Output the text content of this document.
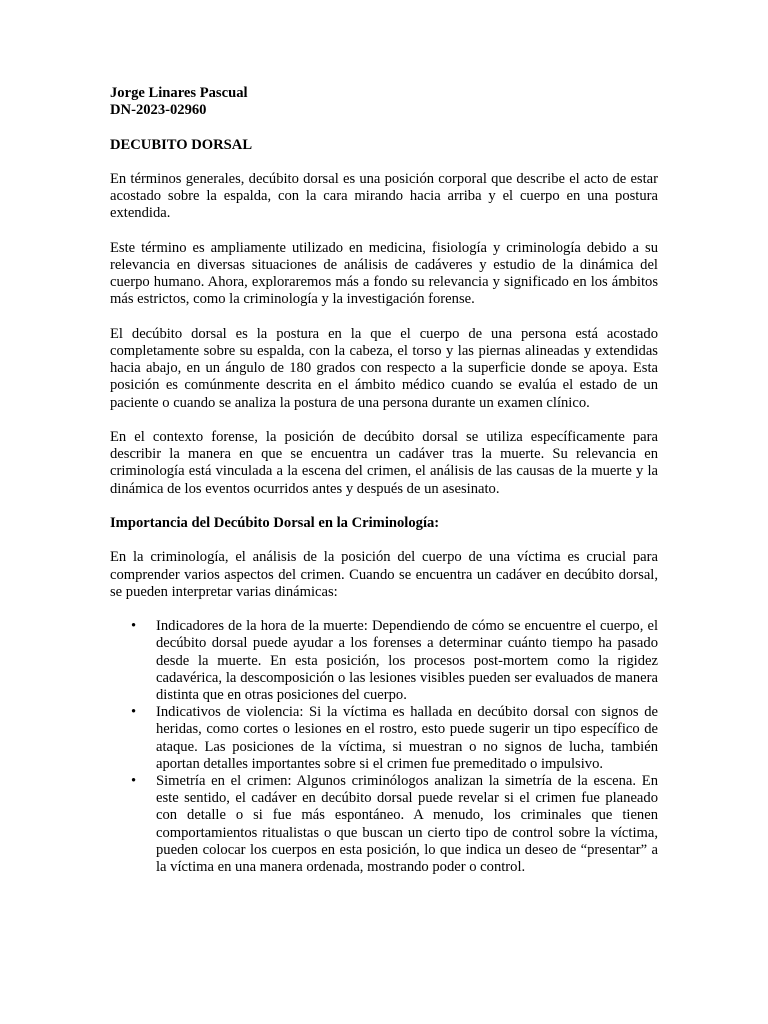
Jorge Linares Pascual

DN-2023-02960

DECUBITO DORSAL

En términos generales, decúbito dorsal es una posición corporal que describe el acto de estar acostado sobre la espalda, con la cara mirando hacia arriba y el cuerpo en una postura extendida.

Este término es ampliamente utilizado en medicina, fisiología y criminología debido a su relevancia en diversas situaciones de análisis de cadáveres y estudio de la dinámica del cuerpo humano. Ahora, exploraremos más a fondo su relevancia y significado en los ámbitos más estrictos, como la criminología y la investigación forense.

El decúbito dorsal es la postura en la que el cuerpo de una persona está acostado completamente sobre su espalda, con la cabeza, el torso y las piernas alineadas y extendidas hacia abajo, en un ángulo de 180 grados con respecto a la superficie donde se apoya. Esta posición es comúnmente descrita en el ámbito médico cuando se evalúa el estado de un paciente o cuando se analiza la postura de una persona durante un examen clínico.

En el contexto forense, la posición de decúbito dorsal se utiliza específicamente para describir la manera en que se encuentra un cadáver tras la muerte. Su relevancia en criminología está vinculada a la escena del crimen, el análisis de las causas de la muerte y la dinámica de los eventos ocurridos antes y después de un asesinato.

Importancia del Decúbito Dorsal en la Criminología:

En la criminología, el análisis de la posición del cuerpo de una víctima es crucial para comprender varios aspectos del crimen. Cuando se encuentra un cadáver en decúbito dorsal, se pueden interpretar varias dinámicas:

• Indicadores de la hora de la muerte: Dependiendo de cómo se encuentre el cuerpo, el decúbito dorsal puede ayudar a los forenses a determinar cuánto tiempo ha pasado desde la muerte. En esta posición, los procesos post-mortem como la rigidez cadavérica, la descomposición o las lesiones visibles pueden ser evaluados de manera distinta que en otras posiciones del cuerpo.
• Indicativos de violencia: Si la víctima es hallada en decúbito dorsal con signos de heridas, como cortes o lesiones en el rostro, esto puede sugerir un tipo específico de ataque. Las posiciones de la víctima, si muestran o no signos de lucha, también aportan detalles importantes sobre si el crimen fue premeditado o impulsivo.
• Simetría en el crimen: Algunos criminólogos analizan la simetría de la escena. En este sentido, el cadáver en decúbito dorsal puede revelar si el crimen fue planeado con detalle o si fue más espontáneo. A menudo, los criminales que tienen comportamientos ritualistas o que buscan un cierto tipo de control sobre la víctima, pueden colocar los cuerpos en esta posición, lo que indica un deseo de “presentar” a la víctima en una manera ordenada, mostrando poder o control.
